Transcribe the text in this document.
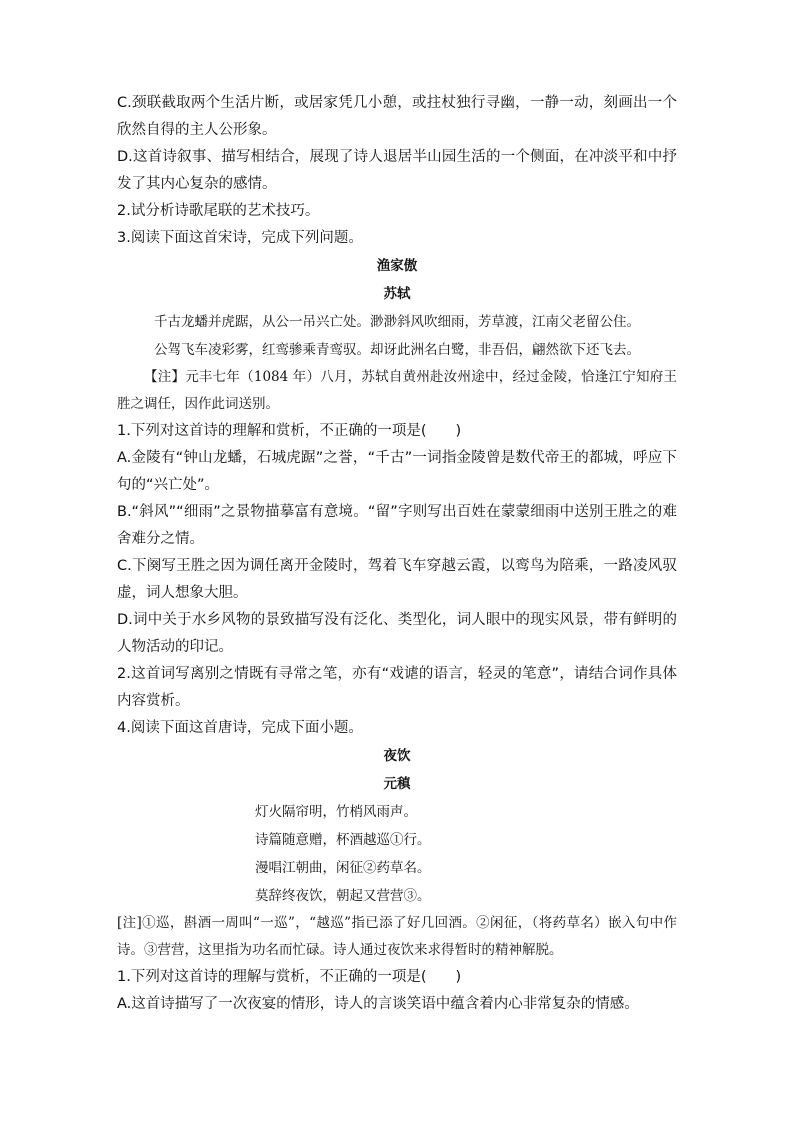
C.颈联截取两个生活片断，或居家凭几小憩，或拄杖独行寻幽，一静一动，刻画出一个欣然自得的主人公形象。

D.这首诗叙事、描写相结合，展现了诗人退居半山园生活的一个侧面，在冲淡平和中抒发了其内心复杂的感情。

2.试分析诗歌尾联的艺术技巧。

3.阅读下面这首宋诗，完成下列问题。

渔家傲

苏轼

千古龙蟠并虎踞，从公一吊兴亡处。渺渺斜风吹细雨，芳草渡，江南父老留公住。

公驾飞车凌彩雾，红鸾骖乘青鸾驭。却讶此洲名白鹭，非吾侣，翩然欲下还飞去。

【注】元丰七年（1084 年）八月，苏轼自黄州赴汝州途中，经过金陵，恰逢江宁知府王胜之调任，因作此词送别。

1.下列对这首诗的理解和赏析，不正确的一项是(　　)

A.金陵有“钟山龙蟠，石城虎踞”之誉，“千古”一词指金陵曾是数代帝王的都城，呼应下句的“兴亡处”。

B.“斜风”“细雨”之景物描摹富有意境。“留”字则写出百姓在蒙蒙细雨中送别王胜之的难舍难分之情。

C.下阕写王胜之因为调任离开金陵时，驾着飞车穿越云霞，以鸾鸟为陪乘，一路凌风驭虚，词人想象大胆。

D.词中关于水乡风物的景致描写没有泛化、类型化，词人眼中的现实风景，带有鲜明的人物活动的印记。

2.这首词写离别之情既有寻常之笔，亦有“戏谑的语言，轻灵的笔意”，请结合词作具体内容赏析。

4.阅读下面这首唐诗，完成下面小题。

夜饮

元稹

灯火隔帘明，竹梢风雨声。

诗篇随意赠，杯酒越巡①行。

漫唱江朝曲，闲征②药草名。

莫辞终夜饮，朝起又营营③。

[注]①巡，斟酒一周叫“一巡”，“越巡”指已添了好几回酒。②闲征，（将药草名）嵌入句中作诗。③营营，这里指为功名而忙碌。诗人通过夜饮来求得暂时的精神解脱。

1.下列对这首诗的理解与赏析，不正确的一项是(　　)

A.这首诗描写了一次夜宴的情形，诗人的言谈笑语中蕴含着内心非常复杂的情感。
